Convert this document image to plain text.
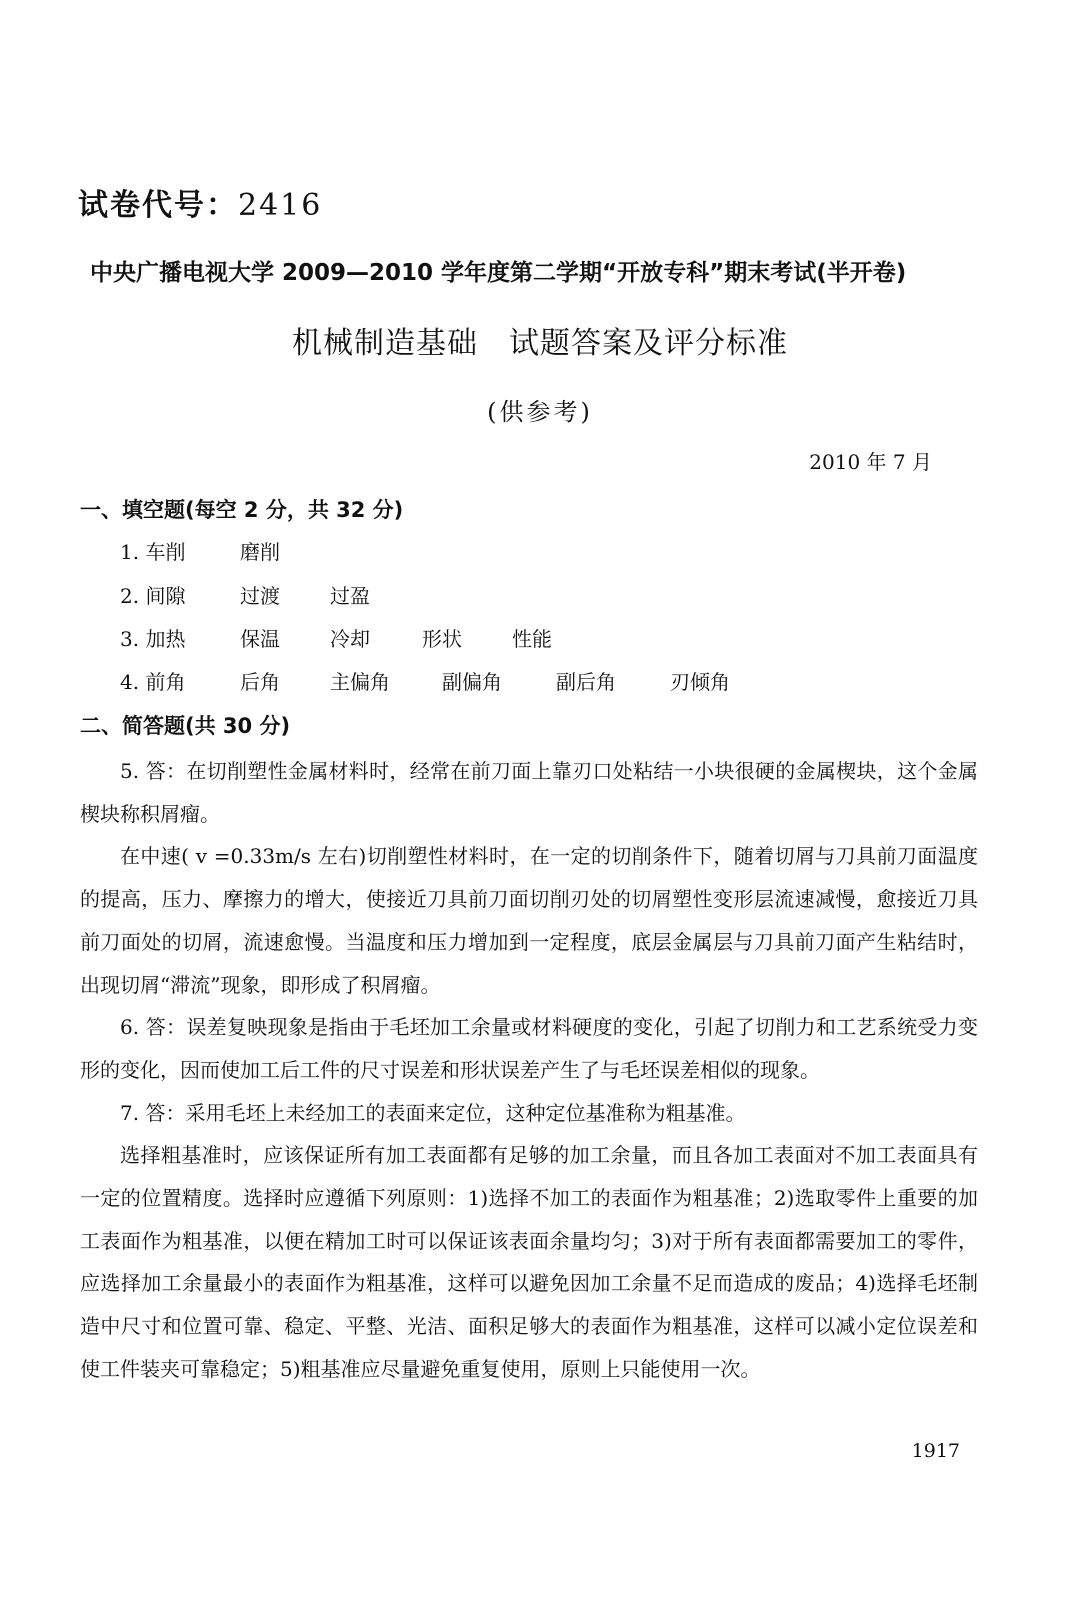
试卷代号：2416
中央广播电视大学 2009—2010 学年度第二学期“开放专科”期末考试(半开卷)
机械制造基础　试题答案及评分标准
(供参考)
2010 年 7 月
一、填空题(每空 2 分，共 32 分)
1. 车削	磨削
2. 间隙	过渡	过盈
3. 加热	保温	冷却	形状	性能
4. 前角	后角	主偏角	副偏角	副后角	刃倾角
二、简答题(共 30 分)

5. 答：在切削塑性金属材料时，经常在前刀面上靠刃口处粘结一小块很硬的金属楔块，这个金属楔块称积屑瘤。

在中速( v =0.33m/s 左右)切削塑性材料时，在一定的切削条件下，随着切屑与刀具前刀面温度的提高，压力、摩擦力的增大，使接近刀具前刀面切削刃处的切屑塑性变形层流速减慢，愈接近刀具前刀面处的切屑，流速愈慢。当温度和压力增加到一定程度，底层金属层与刀具前刀面产生粘结时，出现切屑“滞流”现象，即形成了积屑瘤。

6. 答：误差复映现象是指由于毛坯加工余量或材料硬度的变化，引起了切削力和工艺系统受力变形的变化，因而使加工后工件的尺寸误差和形状误差产生了与毛坯误差相似的现象。

7. 答：采用毛坯上未经加工的表面来定位，这种定位基准称为粗基准。

选择粗基准时，应该保证所有加工表面都有足够的加工余量，而且各加工表面对不加工表面具有一定的位置精度。选择时应遵循下列原则：1)选择不加工的表面作为粗基准；2)选取零件上重要的加工表面作为粗基准，以便在精加工时可以保证该表面余量均匀；3)对于所有表面都需要加工的零件，应选择加工余量最小的表面作为粗基准，这样可以避免因加工余量不足而造成的废品；4)选择毛坯制造中尺寸和位置可靠、稳定、平整、光洁、面积足够大的表面作为粗基准，这样可以减小定位误差和使工件装夹可靠稳定；5)粗基准应尽量避免重复使用，原则上只能使用一次。

1917
